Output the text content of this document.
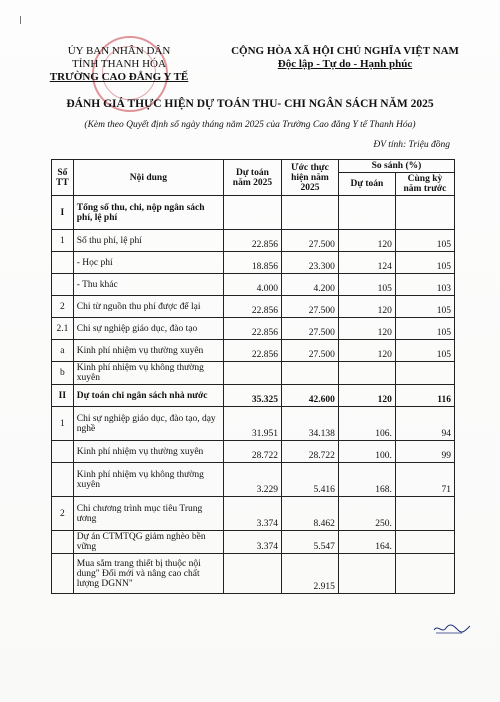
ỦY BAN NHÂN DÂN
TỈNH THANH HÓA
TRƯỜNG CAO ĐẲNG Y TẾ
CỘNG HÒA XÃ HỘI CHỦ NGHĨA VIỆT NAM
Độc lập - Tự do - Hạnh phúc
ĐÁNH GIÁ THỰC HIỆN DỰ TOÁN THU- CHI NGÂN SÁCH NĂM 2025
(Kèm theo Quyết định số ngày tháng năm 2025 của Trường Cao đẳng Y tế Thanh Hóa)
ĐV tính: Triệu đồng
Số TT	Nội dung	Dự toán năm 2025	Ước thực hiện năm 2025	So sánh (%)	
				Dự toán	Cùng kỳ năm trước
I	Tổng số thu, chi, nộp ngân sách phí, lệ phí				
1	Số thu phí, lệ phí	22.856	27.500	120	105
	- Học phí	18.856	23.300	124	105
	- Thu khác	4.000	4.200	105	103
2	Chi từ nguồn thu phí được để lại	22.856	27.500	120	105
2.1	Chi sự nghiệp giáo dục, đào tạo	22.856	27.500	120	105
a	Kinh phí nhiệm vụ thường xuyên	22.856	27.500	120	105
b	Kinh phí nhiệm vụ không thường xuyên				
II	Dự toán chi ngân sách nhà nước	35.325	42.600	120	116
1	Chi sự nghiệp giáo dục, đào tạo, dạy nghề	31.951	34.138	106.	94
	Kinh phí nhiệm vụ thường xuyên	28.722	28.722	100.	99
	Kinh phí nhiệm vụ không thường xuyên	3.229	5.416	168.	71
2	Chi chương trình mục tiêu Trung ương	3.374	8.462	250.	
	Dự án CTMTQG giảm nghèo bền vững	3.374	5.547	164.	
	Mua sắm trang thiết bị thuộc nội dung" Đổi mới và nâng cao chất lượng DGNN"		2.915		
